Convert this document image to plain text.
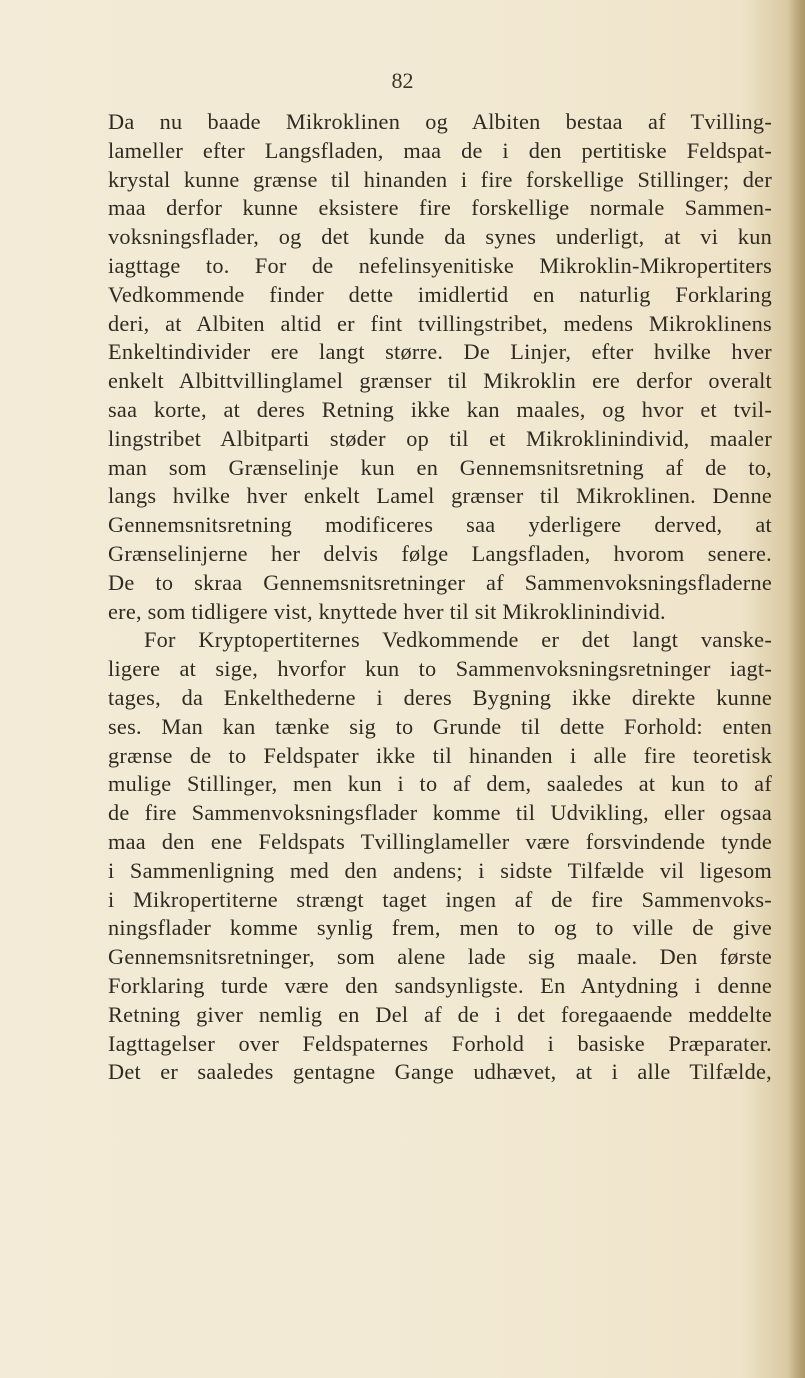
82
Da nu baade Mikroklinen og Albiten bestaa af Tvilling-
lameller efter Langsfladen, maa de i den pertitiske Feldspat-
krystal kunne grænse til hinanden i fire forskellige Stillinger; der
maa derfor kunne eksistere fire forskellige normale Sammen-
voksningsflader, og det kunde da synes underligt, at vi kun
iagttage to. For de nefelinsyenitiske Mikroklin-Mikropertiters
Vedkommende finder dette imidlertid en naturlig Forklaring
deri, at Albiten altid er fint tvillingstribet, medens Mikroklinens
Enkeltindivider ere langt større. De Linjer, efter hvilke hver
enkelt Albittvillinglamel grænser til Mikroklin ere derfor overalt
saa korte, at deres Retning ikke kan maales, og hvor et tvil-
lingstribet Albitparti støder op til et Mikroklinindivid, maaler
man som Grænselinje kun en Gennemsnitsretning af de to,
langs hvilke hver enkelt Lamel grænser til Mikroklinen. Denne
Gennemsnitsretning modificeres saa yderligere derved, at
Grænselinjerne her delvis følge Langsfladen, hvorom senere.
De to skraa Gennemsnitsretninger af Sammenvoksningsfladerne
ere, som tidligere vist, knyttede hver til sit Mikroklinindivid.
For Kryptopertiternes Vedkommende er det langt vanske-
ligere at sige, hvorfor kun to Sammenvoksningsretninger iagt-
tages, da Enkelthederne i deres Bygning ikke direkte kunne
ses. Man kan tænke sig to Grunde til dette Forhold: enten
grænse de to Feldspater ikke til hinanden i alle fire teoretisk
mulige Stillinger, men kun i to af dem, saaledes at kun to af
de fire Sammenvoksningsflader komme til Udvikling, eller ogsaa
maa den ene Feldspats Tvillinglameller være forsvindende tynde
i Sammenligning med den andens; i sidste Tilfælde vil ligesom
i Mikropertiterne strængt taget ingen af de fire Sammenvoks-
ningsflader komme synlig frem, men to og to ville de give
Gennemsnitsretninger, som alene lade sig maale. Den første
Forklaring turde være den sandsynligste. En Antydning i denne
Retning giver nemlig en Del af de i det foregaaende meddelte
Iagttagelser over Feldspaternes Forhold i basiske Præparater.
Det er saaledes gentagne Gange udhævet, at i alle Tilfælde,
